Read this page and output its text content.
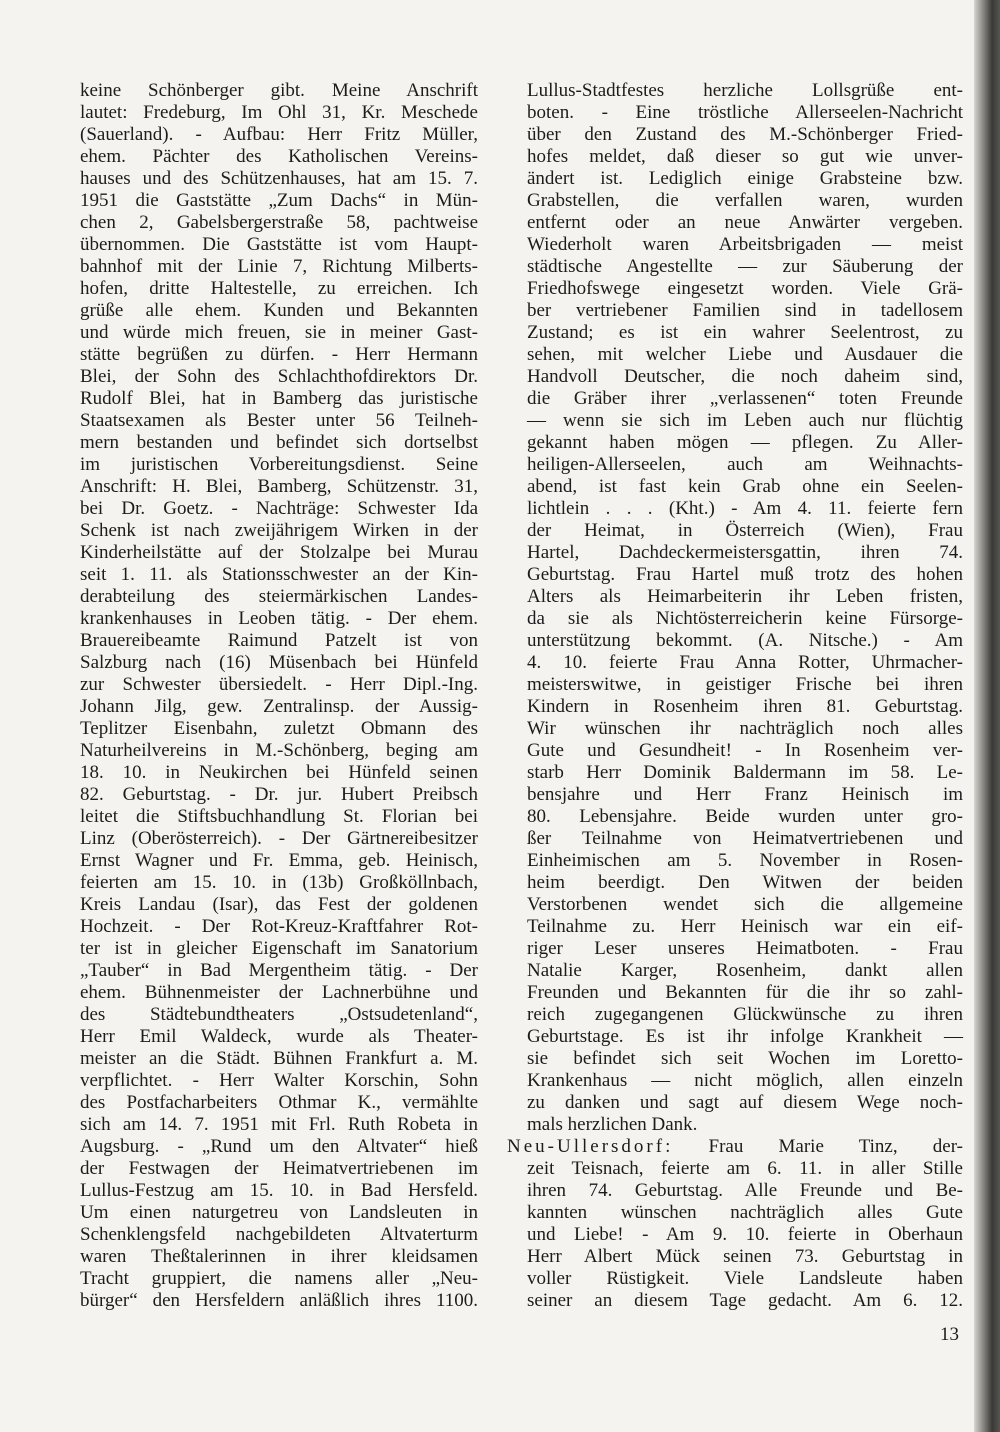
keine Schönberger gibt. Meine Anschrift
lautet: Fredeburg, Im Ohl 31, Kr. Meschede
(Sauerland). - Aufbau: Herr Fritz Müller,
ehem. Pächter des Katholischen Vereins-
hauses und des Schützenhauses, hat am 15. 7.
1951 die Gaststätte „Zum Dachs“ in Mün-
chen 2, Gabelsbergerstraße 58, pachtweise
übernommen. Die Gaststätte ist vom Haupt-
bahnhof mit der Linie 7, Richtung Milberts-
hofen, dritte Haltestelle, zu erreichen. Ich
grüße alle ehem. Kunden und Bekannten
und würde mich freuen, sie in meiner Gast-
stätte begrüßen zu dürfen. - Herr Hermann
Blei, der Sohn des Schlachthofdirektors Dr.
Rudolf Blei, hat in Bamberg das juristische
Staatsexamen als Bester unter 56 Teilneh-
mern bestanden und befindet sich dortselbst
im juristischen Vorbereitungsdienst. Seine
Anschrift: H. Blei, Bamberg, Schützenstr. 31,
bei Dr. Goetz. - Nachträge: Schwester Ida
Schenk ist nach zweijährigem Wirken in der
Kinderheilstätte auf der Stolzalpe bei Murau
seit 1. 11. als Stationsschwester an der Kin-
derabteilung des steiermärkischen Landes-
krankenhauses in Leoben tätig. - Der ehem.
Brauereibeamte Raimund Patzelt ist von
Salzburg nach (16) Müsenbach bei Hünfeld
zur Schwester übersiedelt. - Herr Dipl.-Ing.
Johann Jilg, gew. Zentralinsp. der Aussig-
Teplitzer Eisenbahn, zuletzt Obmann des
Naturheilvereins in M.-Schönberg, beging am
18. 10. in Neukirchen bei Hünfeld seinen
82. Geburtstag. - Dr. jur. Hubert Preibsch
leitet die Stiftsbuchhandlung St. Florian bei
Linz (Oberösterreich). - Der Gärtnereibesitzer
Ernst Wagner und Fr. Emma, geb. Heinisch,
feierten am 15. 10. in (13b) Großköllnbach,
Kreis Landau (Isar), das Fest der goldenen
Hochzeit. - Der Rot-Kreuz-Kraftfahrer Rot-
ter ist in gleicher Eigenschaft im Sanatorium
„Tauber“ in Bad Mergentheim tätig. - Der
ehem. Bühnenmeister der Lachnerbühne und
des Städtebundtheaters „Ostsudetenland“,
Herr Emil Waldeck, wurde als Theater-
meister an die Städt. Bühnen Frankfurt a. M.
verpflichtet. - Herr Walter Korschin, Sohn
des Postfacharbeiters Othmar K., vermählte
sich am 14. 7. 1951 mit Frl. Ruth Robeta in
Augsburg. - „Rund um den Altvater“ hieß
der Festwagen der Heimatvertriebenen im
Lullus-Festzug am 15. 10. in Bad Hersfeld.
Um einen naturgetreu von Landsleuten in
Schenklengsfeld nachgebildeten Altvaterturm
waren Theßtalerinnen in ihrer kleidsamen
Tracht gruppiert, die namens aller „Neu-
bürger“ den Hersfeldern anläßlich ihres 1100.
Lullus-Stadtfestes herzliche Lollsgrüße ent-
boten. - Eine tröstliche Allerseelen-Nachricht
über den Zustand des M.-Schönberger Fried-
hofes meldet, daß dieser so gut wie unver-
ändert ist. Lediglich einige Grabsteine bzw.
Grabstellen, die verfallen waren, wurden
entfernt oder an neue Anwärter vergeben.
Wiederholt waren Arbeitsbrigaden — meist
städtische Angestellte — zur Säuberung der
Friedhofswege eingesetzt worden. Viele Grä-
ber vertriebener Familien sind in tadellosem
Zustand; es ist ein wahrer Seelentrost, zu
sehen, mit welcher Liebe und Ausdauer die
Handvoll Deutscher, die noch daheim sind,
die Gräber ihrer „verlassenen“ toten Freunde
— wenn sie sich im Leben auch nur flüchtig
gekannt haben mögen — pflegen. Zu Aller-
heiligen-Allerseelen, auch am Weihnachts-
abend, ist fast kein Grab ohne ein Seelen-
lichtlein . . . (Kht.) - Am 4. 11. feierte fern
der Heimat, in Österreich (Wien), Frau
Hartel, Dachdeckermeistersgattin, ihren 74.
Geburtstag. Frau Hartel muß trotz des hohen
Alters als Heimarbeiterin ihr Leben fristen,
da sie als Nichtösterreicherin keine Fürsorge-
unterstützung bekommt. (A. Nitsche.) - Am
4. 10. feierte Frau Anna Rotter, Uhrmacher-
meisterswitwe, in geistiger Frische bei ihren
Kindern in Rosenheim ihren 81. Geburtstag.
Wir wünschen ihr nachträglich noch alles
Gute und Gesundheit! - In Rosenheim ver-
starb Herr Dominik Baldermann im 58. Le-
bensjahre und Herr Franz Heinisch im
80. Lebensjahre. Beide wurden unter gro-
ßer Teilnahme von Heimatvertriebenen und
Einheimischen am 5. November in Rosen-
heim beerdigt. Den Witwen der beiden
Verstorbenen wendet sich die allgemeine
Teilnahme zu. Herr Heinisch war ein eif-
riger Leser unseres Heimatboten. - Frau
Natalie Karger, Rosenheim, dankt allen
Freunden und Bekannten für die ihr so zahl-
reich zugegangenen Glückwünsche zu ihren
Geburtstage. Es ist ihr infolge Krankheit —
sie befindet sich seit Wochen im Loretto-
Krankenhaus — nicht möglich, allen einzeln
zu danken und sagt auf diesem Wege noch-
mals herzlichen Dank.
Neu-Ullersdorf: Frau Marie Tinz, der-
zeit Teisnach, feierte am 6. 11. in aller Stille
ihren 74. Geburtstag. Alle Freunde und Be-
kannten wünschen nachträglich alles Gute
und Liebe! - Am 9. 10. feierte in Oberhaun
Herr Albert Mück seinen 73. Geburtstag in
voller Rüstigkeit. Viele Landsleute haben
seiner an diesem Tage gedacht. Am 6. 12.
13
